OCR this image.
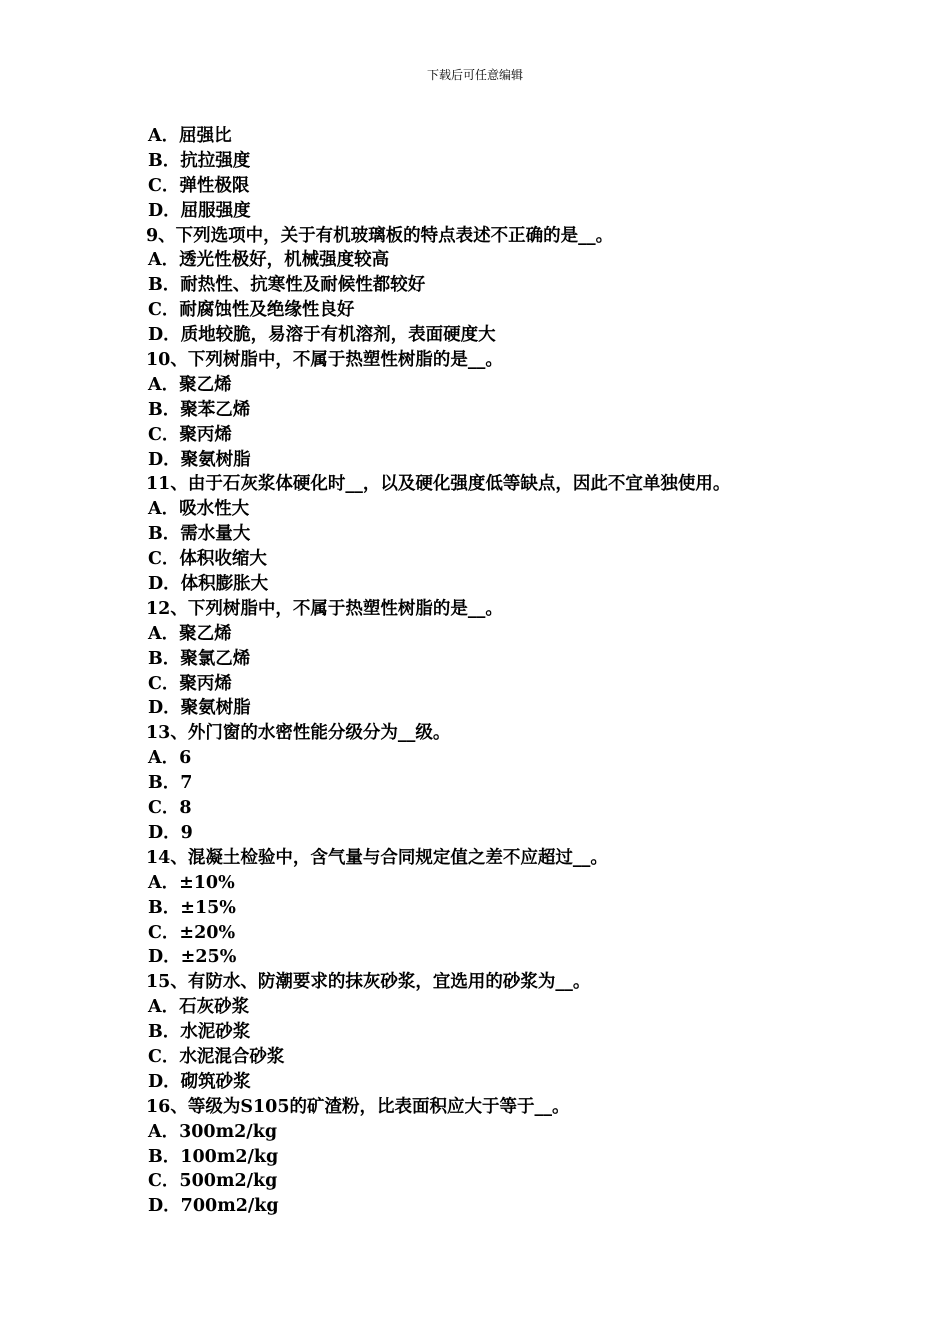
下载后可任意编辑
A．屈强比
B．抗拉强度
C．弹性极限
D．屈服强度
9、下列选项中，关于有机玻璃板的特点表述不正确的是__。
A．透光性极好，机械强度较高
B．耐热性、抗寒性及耐候性都较好
C．耐腐蚀性及绝缘性良好
D．质地较脆，易溶于有机溶剂，表面硬度大
10、下列树脂中，不属于热塑性树脂的是__。
A．聚乙烯
B．聚苯乙烯
C．聚丙烯
D．聚氨树脂
11、由于石灰浆体硬化时__，以及硬化强度低等缺点，因此不宜单独使用。
A．吸水性大
B．需水量大
C．体积收缩大
D．体积膨胀大
12、下列树脂中，不属于热塑性树脂的是__。
A．聚乙烯
B．聚氯乙烯
C．聚丙烯
D．聚氨树脂
13、外门窗的水密性能分级分为__级。
A．6
B．7
C．8
D．9
14、混凝土检验中，含气量与合同规定值之差不应超过__。
A．±10%
B．±15%
C．±20%
D．±25%
15、有防水、防潮要求的抹灰砂浆，宜选用的砂浆为__。
A．石灰砂浆
B．水泥砂浆
C．水泥混合砂浆
D．砌筑砂浆
16、等级为S105的矿渣粉，比表面积应大于等于__。
A．300m2/kg
B．100m2/kg
C．500m2/kg
D．700m2/kg
